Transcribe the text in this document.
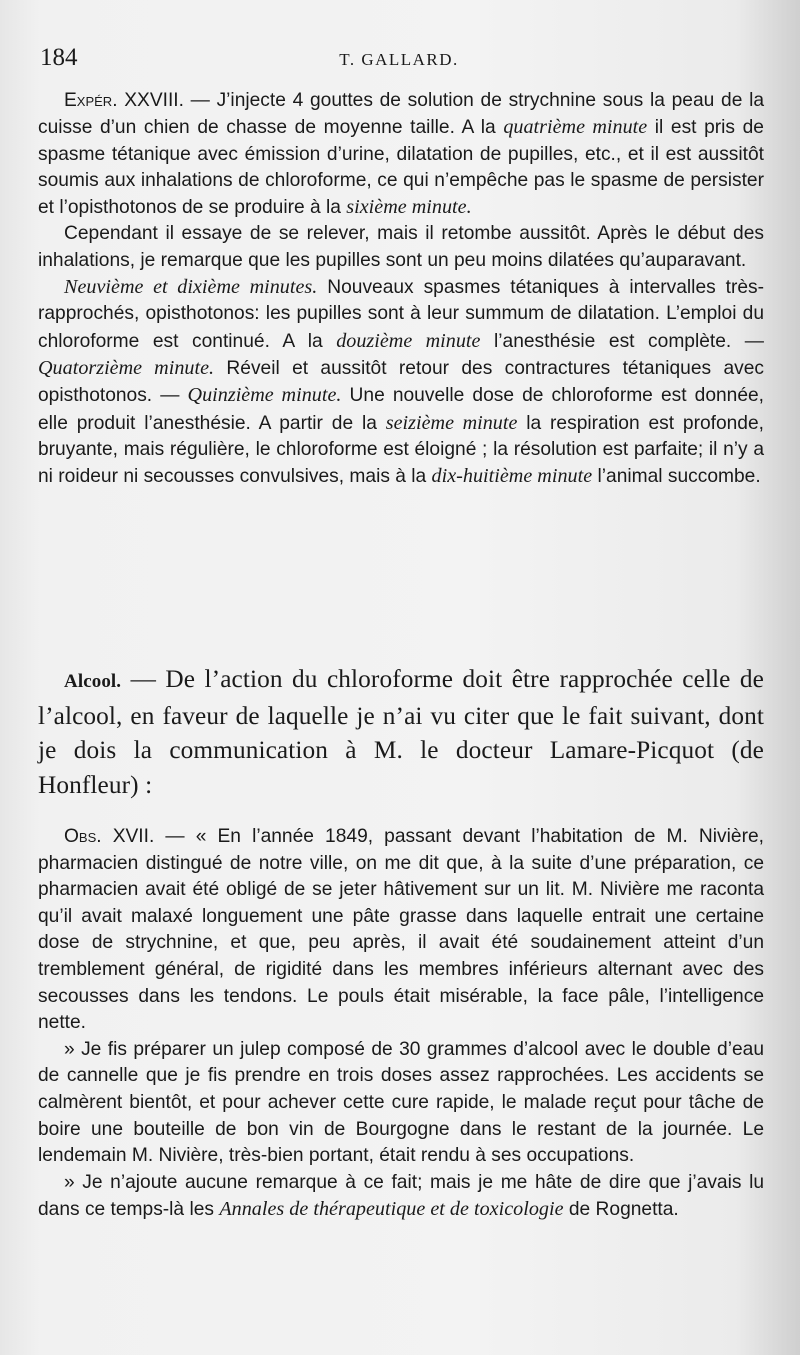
184	T. GALLARD.

Expér. XXVIII. — J’injecte 4 gouttes de solution de strychnine sous la peau de la cuisse d’un chien de chasse de moyenne taille. A la quatrième minute il est pris de spasme tétanique avec émission d’urine, dilatation de pupilles, etc., et il est aussitôt soumis aux inhalations de chloroforme, ce qui n’empêche pas le spasme de persister et l’opisthotonos de se produire à la sixième minute.

Cependant il essaye de se relever, mais il retombe aussitôt. Après le début des inhalations, je remarque que les pupilles sont un peu moins dilatées qu’auparavant.

Neuvième et dixième minutes. Nouveaux spasmes tétaniques à intervalles très-rapprochés, opisthotonos: les pupilles sont à leur summum de dilatation. L’emploi du chloroforme est continué. A la douzième minute l’anesthésie est complète. — Quatorzième minute. Réveil et aussitôt retour des contractures tétaniques avec opisthotonos. — Quinzième minute. Une nouvelle dose de chloroforme est donnée, elle produit l’anesthésie. A partir de la seizième minute la respiration est profonde, bruyante, mais régulière, le chloroforme est éloigné ; la résolution est parfaite; il n’y a ni roideur ni secousses convulsives, mais à la dix-huitième minute l’animal succombe.

Alcool. — De l’action du chloroforme doit être rapprochée celle de l’alcool, en faveur de laquelle je n’ai vu citer que le fait suivant, dont je dois la communication à M. le docteur Lamare-Picquot (de Honfleur) :

Obs. XVII. — « En l’année 1849, passant devant l’habitation de M. Nivière, pharmacien distingué de notre ville, on me dit que, à la suite d’une préparation, ce pharmacien avait été obligé de se jeter hâtivement sur un lit. M. Nivière me raconta qu’il avait malaxé longuement une pâte grasse dans laquelle entrait une certaine dose de strychnine, et que, peu après, il avait été soudainement atteint d’un tremblement général, de rigidité dans les membres inférieurs alternant avec des secousses dans les tendons. Le pouls était misérable, la face pâle, l’intelligence nette.

» Je fis préparer un julep composé de 30 grammes d’alcool avec le double d’eau de cannelle que je fis prendre en trois doses assez rapprochées. Les accidents se calmèrent bientôt, et pour achever cette cure rapide, le malade reçut pour tâche de boire une bouteille de bon vin de Bourgogne dans le restant de la journée. Le lendemain M. Nivière, très-bien portant, était rendu à ses occupations.

» Je n’ajoute aucune remarque à ce fait; mais je me hâte de dire que j’avais lu dans ce temps-là les Annales de thérapeutique et de toxicologie de Rognetta.
